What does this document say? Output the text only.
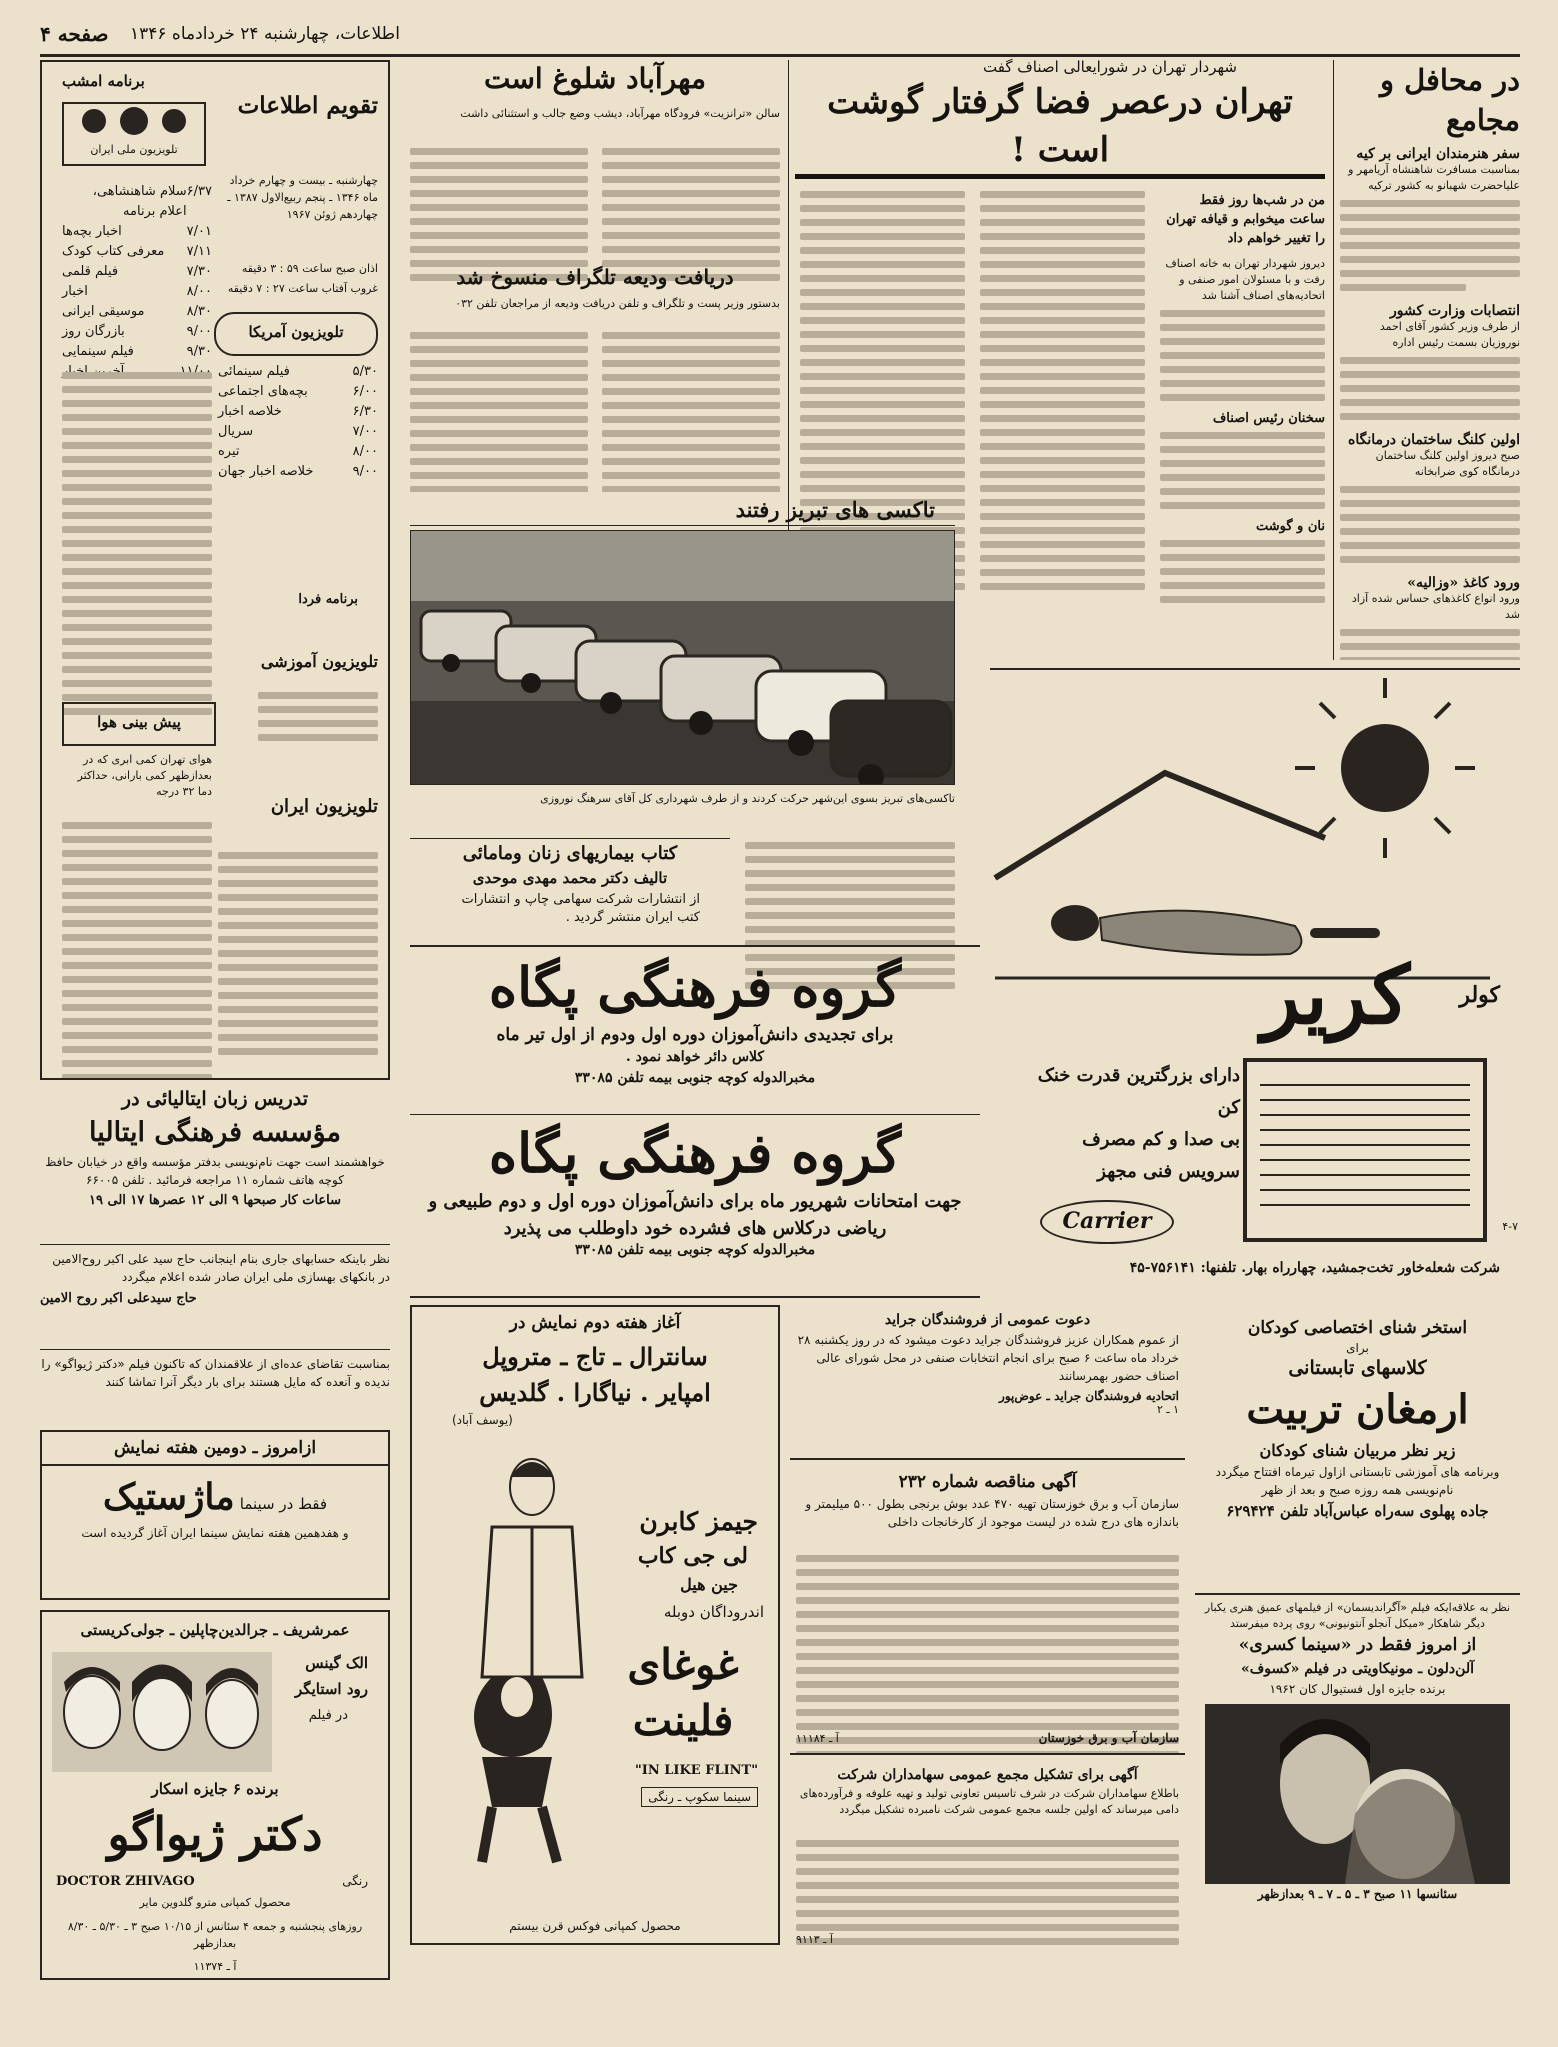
صفحه ۴ اطلاعات، چهارشنبه ۲۴ خردادماه ۱۳۴۶
در محافل و مجامع
سفر هنرمندان ایرانی بر کیه
بمناسبت مسافرت شاهنشاه آریامهر و علیاحضرت شهبانو به کشور ترکیه
انتصابات وزارت کشور
از طرف وزیر کشور آقای احمد نوروزیان بسمت رئیس اداره
اولین کلنگ ساختمان درمانگاه
صبح دیروز اولین کلنگ ساختمان درمانگاه کوی ضرابخانه
ورود کاغذ «وزالیه»
ورود انواع کاغذهای حساس شده آزاد شد
شهردار تهران در شورایعالی اصناف گفت
تهران درعصر فضا گرفتار گوشت است !
من در شب‌ها روز فقط ساعت میخوابم و قیافه تهران را تغییر خواهم داد
دیروز شهردار تهران به خانه اصناف رفت و با مسئولان امور صنفی و اتحادیه‌های اصناف آشنا شد
سخنان رئیس اصناف
نان و گوشت
مهرآباد شلوغ است
سالن «ترانزیت» فرودگاه مهرآباد، دیشب وضع جالب و استثنائی داشت
دریافت ودیعه تلگراف منسوخ شد
بدستور وزیر پست و تلگراف و تلفن دریافت ودیعه از مراجعان تلفن ۰۳۲
تاکسی های تبریز رفتند
تاکسی‌های تبریز بسوی این‌شهر حرکت کردند و از طرف شهرداری کل آقای سرهنگ نوروزی
کتاب بیماریهای زنان ومامائی
تالیف دکتر محمد مهدی موحدی
از انتشارات شرکت سهامی چاپ و انتشارات کتب ایران منتشر گردید .
برنامه امشب
تقویم اطلاعات
تلویزیون ملی ایران
چهارشنبه ـ بیست و چهارم خرداد ماه ۱۳۴۶ ـ پنجم ربیع‌الاول ۱۳۸۷ ـ چهاردهم ژوئن ۱۹۶۷
اذان صبح ساعت ۵۹ : ۳ دقیقه
غروب آفتاب ساعت ۲۷ : ۷ دقیقه
۶/۳۷
سلام شاهنشاهی، اعلام برنامه
۷/۰۱
اخبار بچه‌ها
۷/۱۱
معرفی کتاب کودک
۷/۳۰
فیلم قلمی
۸/۰۰
اخبار
۸/۳۰
موسیقی ایرانی
۹/۰۰
بازرگان روز
۹/۳۰
فیلم سینمایی
تلویزیون آمریکا
۵/۳۰
فیلم سینمائی
۶/۰۰
بچه‌های اجتماعی
۶/۳۰
خلاصه اخبار
۷/۰۰
سریال
۸/۰۰
تیره
۹/۰۰
خلاصه اخبار جهان
برنامه فردا
تلویزیون آموزشی
تلویزیون ایران
پیش بینی هوا
هوای تهران کمی ابری که در بعدازظهر کمی بارانی، حداکثر دما ۳۲ درجه
تدریس زبان ایتالیائی در
مؤسسه فرهنگی ایتالیا
خواهشمند است جهت نام‌نویسی بدفتر مؤسسه واقع در خیابان حافظ کوچه هاتف شماره ۱۱ مراجعه فرمائید . تلفن ۶۶۰۰۵
ساعات کار صبحها ۹ الی ۱۲ عصرها ۱۷ الی ۱۹

نظر باینکه حسابهای جاری بنام اینجانب حاج سید علی اکبر روح‌الامین در بانکهای بهسازی ملی ایران صادر شده اعلام میگردد

حاج سیدعلی اکبر روح الامین

بمناسبت تقاضای عده‌ای از علاقمندان که تاکنون فیلم «دکتر ژیواگو» را ندیده و آنعده که مایل هستند برای بار دیگر آنرا تماشا کنند

ازامروز ـ دومین هفته نمایش
فقط در سینما ماژستیک
و هفدهمین هفته نمایش سینما ایران آغاز گردیده است
عمرشریف ـ جرالدین‌چاپلین ـ جولی‌کریستی
الک گینس
رود استایگر
در فیلم
برنده ۶ جایزه اسکار
دکتر ژیواگو
DOCTOR ZHIVAGO	رنگی
محصول کمپانی مترو گلدوین مایر
روزهای پنجشنبه و جمعه ۴ سئانس از ۱۰/۱۵ صبح ۳ ـ ۵/۳۰ ـ ۸/۳۰ بعدازظهر
آ ـ ۱۱۳۷۴
گروه فرهنگی پگاه
برای تجدیدی دانش‌آموزان دوره اول ودوم از اول تیر ماه
کلاس دائر خواهد نمود .
مخبرالدوله کوچه جنوبی بیمه تلفن ۳۳۰۸۵
گروه فرهنگی پگاه
جهت امتحانات شهریور ماه برای دانش‌آموزان دوره اول و دوم طبیعی و ریاضی درکلاس های فشرده خود داوطلب می پذیرد
مخبرالدوله کوچه جنوبی بیمه تلفن ۳۳۰۸۵
کولر
کریر
دارای بزرگترین قدرت خنک کن
بی صدا و کم مصرف
سرویس فنی مجهز
Carrier
شرکت شعله‌خاور تخت‌جمشید، چهارراه بهار. تلفنها: ۷۵۶۱۴۱-۴۵
۴-۷
آغاز هفته دوم نمایش در
سانترال ـ تاج ـ متروپل
امپایر . نیاگارا . گلدیس
(یوسف آباد)
جیمز کابرن
لی جی کاب
جین هیل
اندروداگان دوبله
غوغای فلینت
"IN LIKE FLINT"
سینما سکوپ ـ رنگی
محصول کمپانی فوکس قرن بیستم
دعوت عمومی از فروشندگان جراید
از عموم همکاران عزیز فروشندگان جراید دعوت میشود که در روز یکشنبه ۲۸ خرداد ماه ساعت ۶ صبح برای انجام انتخابات صنفی در محل شورای عالی اصناف حضور بهمرسانند
اتحادیه فروشندگان جراید ـ عوض‌پور
۱ ـ ۲
آگهی مناقصه شماره ۲۳۲
سازمان آب و برق خوزستان تهیه ۴۷۰ عدد بوش برنجی بطول ۵۰۰ میلیمتر و باندازه های درج شده در لیست موجود از کارخانجات داخلی
سازمان آب و برق خوزستان
آ ـ ۱۱۱۸۴
آگهی برای تشکیل مجمع عمومی سهامداران شرکت
باطلاع سهامداران شرکت در شرف تاسیس تعاونی تولید و تهیه علوفه و فرآورده‌های دامی میرساند که اولین جلسه مجمع عمومی شرکت نامبرده تشکیل میگردد
آ ـ ۹۱۱۳
استخر شنای اختصاصی کودکان
برای
کلاسهای تابستانی
ارمغان تربیت
زیر نظر مربیان شنای کودکان
وبرنامه های آموزشی تابستانی ازاول تیرماه افتتاح میگردد نام‌نویسی همه روزه صبح و بعد از ظهر
جاده پهلوی سه‌راه عباس‌آباد تلفن ۶۲۹۴۲۴
نظر به علاقه‌ایکه فیلم «آگراندیسمان» از فیلمهای عمیق هنری یکبار دیگر شاهکار «میکل آنجلو آنتونیونی» روی پرده میفرستد
از امروز فقط در «سینما کسری»
آلن‌دلون ـ مونیکا‌ویتی در فیلم «کسوف»
برنده جایزه اول فستیوال کان ۱۹۶۲
سئانسها ۱۱ صبح ۳ ـ ۵ ـ ۷ ـ ۹ بعدازظهر
